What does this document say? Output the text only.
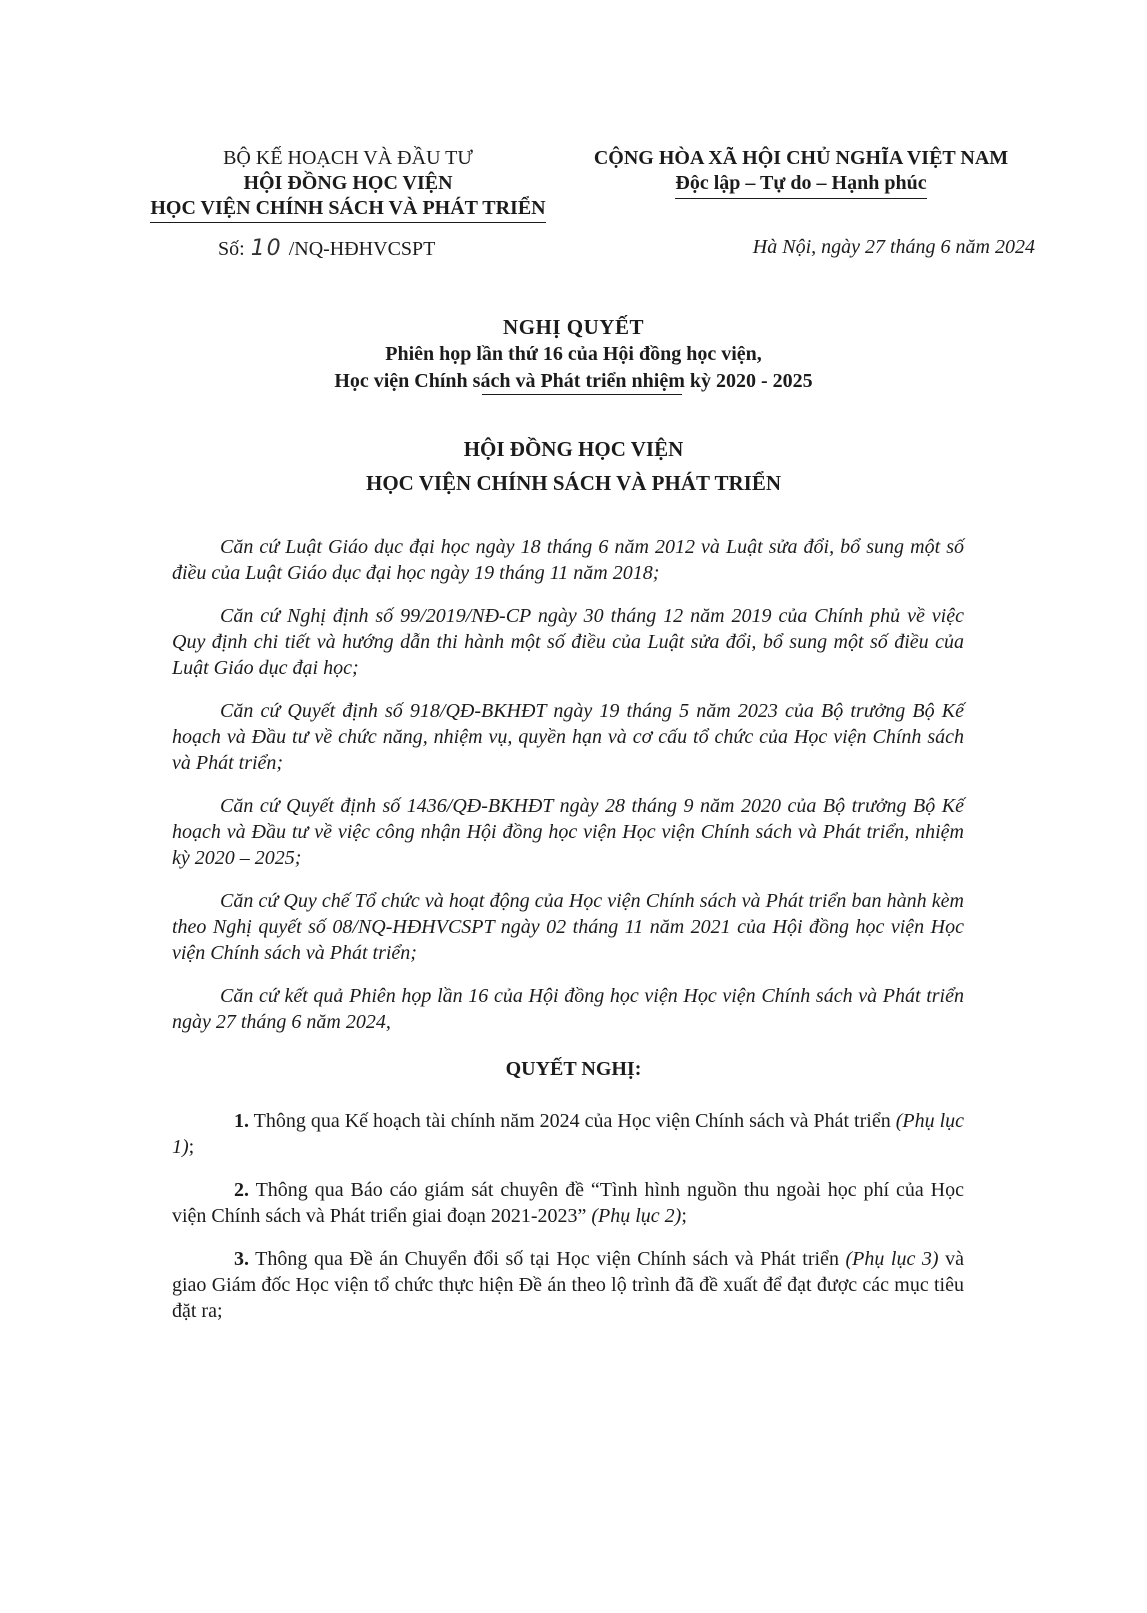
BỘ KẾ HOẠCH VÀ ĐẦU TƯ
HỘI ĐỒNG HỌC VIỆN
HỌC VIỆN CHÍNH SÁCH VÀ PHÁT TRIỂN
CỘNG HÒA XÃ HỘI CHỦ NGHĨA VIỆT NAM
Độc lập – Tự do – Hạnh phúc
Số: 10 /NQ-HĐHVCSPT	Hà Nội, ngày 27 tháng 6 năm 2024
NGHỊ QUYẾT
Phiên họp lần thứ 16 của Hội đồng học viện,
Học viện Chính sách và Phát triển nhiệm kỳ 2020 - 2025
HỘI ĐỒNG HỌC VIỆN
HỌC VIỆN CHÍNH SÁCH VÀ PHÁT TRIỂN

Căn cứ Luật Giáo dục đại học ngày 18 tháng 6 năm 2012 và Luật sửa đổi, bổ sung một số điều của Luật Giáo dục đại học ngày 19 tháng 11 năm 2018;

Căn cứ Nghị định số 99/2019/NĐ-CP ngày 30 tháng 12 năm 2019 của Chính phủ về việc Quy định chi tiết và hướng dẫn thi hành một số điều của Luật sửa đổi, bổ sung một số điều của Luật Giáo dục đại học;

Căn cứ Quyết định số 918/QĐ-BKHĐT ngày 19 tháng 5 năm 2023 của Bộ trưởng Bộ Kế hoạch và Đầu tư về chức năng, nhiệm vụ, quyền hạn và cơ cấu tổ chức của Học viện Chính sách và Phát triển;

Căn cứ Quyết định số 1436/QĐ-BKHĐT ngày 28 tháng 9 năm 2020 của Bộ trưởng Bộ Kế hoạch và Đầu tư về việc công nhận Hội đồng học viện Học viện Chính sách và Phát triển, nhiệm kỳ 2020 – 2025;

Căn cứ Quy chế Tổ chức và hoạt động của Học viện Chính sách và Phát triển ban hành kèm theo Nghị quyết số 08/NQ-HĐHVCSPT ngày 02 tháng 11 năm 2021 của Hội đồng học viện Học viện Chính sách và Phát triển;

Căn cứ kết quả Phiên họp lần 16 của Hội đồng học viện Học viện Chính sách và Phát triển ngày 27 tháng 6 năm 2024,

QUYẾT NGHỊ:

1. Thông qua Kế hoạch tài chính năm 2024 của Học viện Chính sách và Phát triển (Phụ lục 1);

2. Thông qua Báo cáo giám sát chuyên đề “Tình hình nguồn thu ngoài học phí của Học viện Chính sách và Phát triển giai đoạn 2021-2023” (Phụ lục 2);

3. Thông qua Đề án Chuyển đổi số tại Học viện Chính sách và Phát triển (Phụ lục 3) và giao Giám đốc Học viện tổ chức thực hiện Đề án theo lộ trình đã đề xuất để đạt được các mục tiêu đặt ra;
